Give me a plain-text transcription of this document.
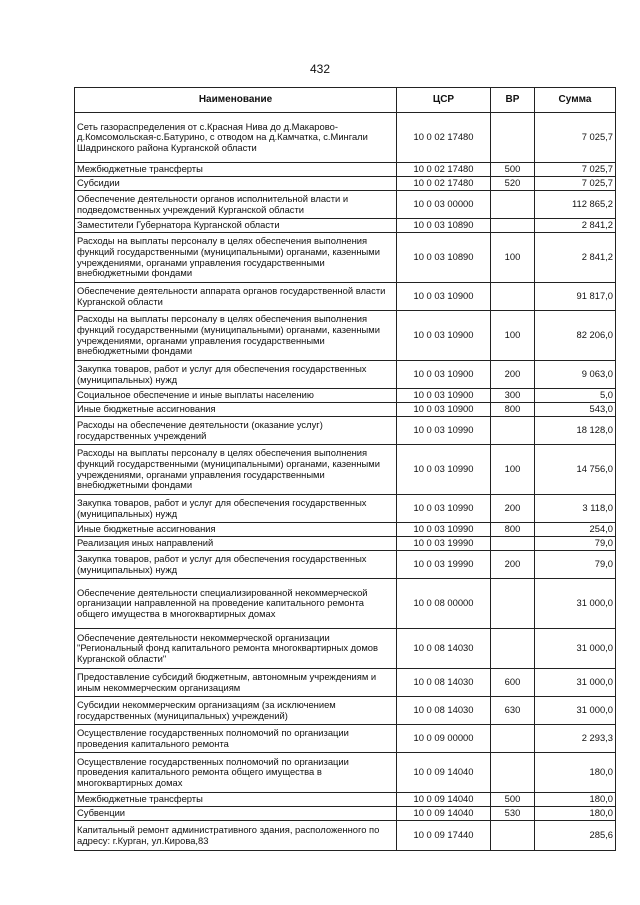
432
Наименование	ЦСР	ВР	Сумма
Сеть газораспределения от с.Красная Нива до д.Макарово-д.Комсомольская-с.Батурино, с отводом на д.Камчатка, с.Мингали Шадринского района Курганской области	10 0 02 17480		7 025,7
Межбюджетные трансферты	10 0 02 17480	500	7 025,7
Субсидии	10 0 02 17480	520	7 025,7
Обеспечение деятельности органов исполнительной власти и подведомственных учреждений Курганской области	10 0 03 00000		112 865,2
Заместители Губернатора Курганской области	10 0 03 10890		2 841,2
Расходы на выплаты персоналу в целях обеспечения выполнения функций государственными (муниципальными) органами, казенными учреждениями, органами управления государственными внебюджетными фондами	10 0 03 10890	100	2 841,2
Обеспечение деятельности аппарата органов государственной власти Курганской области	10 0 03 10900		91 817,0
Расходы на выплаты персоналу в целях обеспечения выполнения функций государственными (муниципальными) органами, казенными учреждениями, органами управления государственными внебюджетными фондами	10 0 03 10900	100	82 206,0
Закупка товаров, работ и услуг для обеспечения государственных (муниципальных) нужд	10 0 03 10900	200	9 063,0
Социальное обеспечение и иные выплаты населению	10 0 03 10900	300	5,0
Иные бюджетные ассигнования	10 0 03 10900	800	543,0
Расходы на обеспечение деятельности (оказание услуг) государственных учреждений	10 0 03 10990		18 128,0
Расходы на выплаты персоналу в целях обеспечения выполнения функций государственными (муниципальными) органами, казенными учреждениями, органами управления государственными внебюджетными фондами	10 0 03 10990	100	14 756,0
Закупка товаров, работ и услуг для обеспечения государственных (муниципальных) нужд	10 0 03 10990	200	3 118,0
Иные бюджетные ассигнования	10 0 03 10990	800	254,0
Реализация иных направлений	10 0 03 19990		79,0
Закупка товаров, работ и услуг для обеспечения государственных (муниципальных) нужд	10 0 03 19990	200	79,0
Обеспечение деятельности специализированной некоммерческой организации направленной на проведение капитального ремонта общего имущества в многоквартирных домах	10 0 08 00000		31 000,0
Обеспечение деятельности некоммерческой организации "Региональный фонд капитального ремонта многоквартирных домов Курганской области"	10 0 08 14030		31 000,0
Предоставление субсидий бюджетным, автономным учреждениям и иным некоммерческим организациям	10 0 08 14030	600	31 000,0
Субсидии некоммерческим организациям (за исключением государственных (муниципальных) учреждений)	10 0 08 14030	630	31 000,0
Осуществление государственных полномочий по организации проведения капитального ремонта	10 0 09 00000		2 293,3
Осуществление государственных полномочий по организации проведения капитального ремонта общего имущества в многоквартирных домах	10 0 09 14040		180,0
Межбюджетные трансферты	10 0 09 14040	500	180,0
Субвенции	10 0 09 14040	530	180,0
Капитальный ремонт административного здания, расположенного по адресу: г.Курган, ул.Кирова,83	10 0 09 17440		285,6
